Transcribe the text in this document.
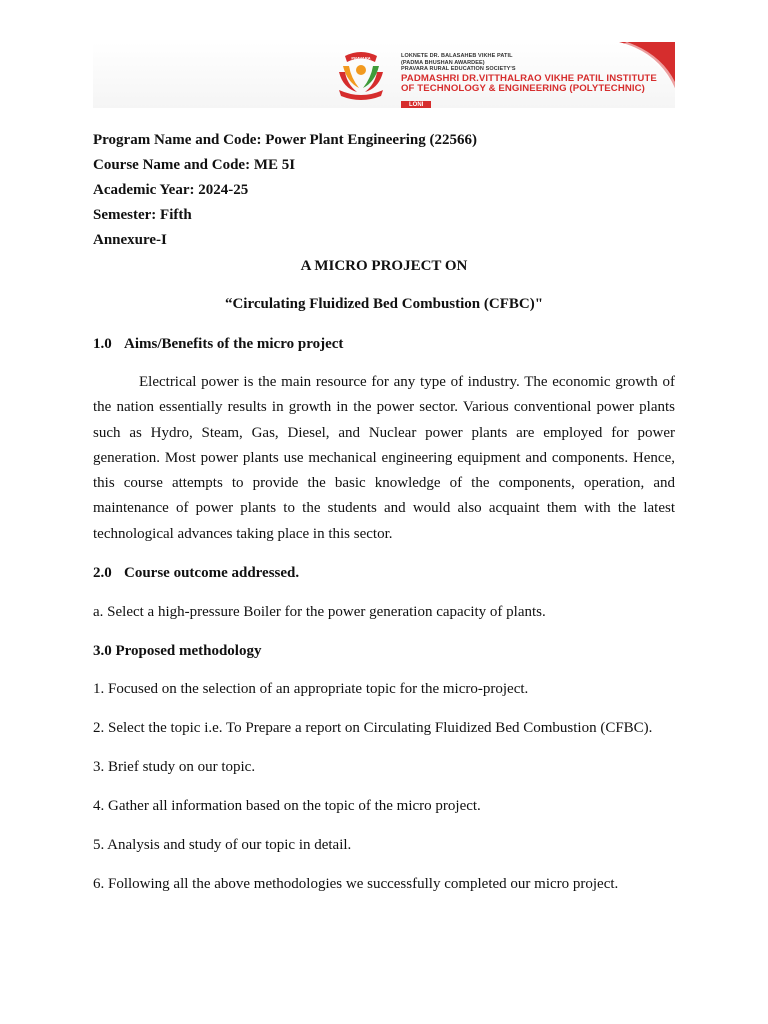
PRAVARA	LOKNETE DR. BALASAHEB VIKHE PATIL
(PADMA BHUSHAN AWARDEE)
PRAVARA RURAL EDUCATION SOCIETY'S
PADMASHRI DR.VITTHALRAO VIKHE PATIL INSTITUTE
OF TECHNOLOGY & ENGINEERING (POLYTECHNIC)
LONI
Program Name and Code: Power Plant Engineering (22566)
Course Name and Code: ME 5I
Academic Year: 2024-25
Semester: Fifth
Annexure-I
A MICRO PROJECT ON
“Circulating Fluidized Bed Combustion (CFBC)"
1.0 Aims/Benefits of the micro project

Electrical power is the main resource for any type of industry. The economic growth of the nation essentially results in growth in the power sector. Various conventional power plants such as Hydro, Steam, Gas, Diesel, and Nuclear power plants are employed for power generation. Most power plants use mechanical engineering equipment and components. Hence, this course attempts to provide the basic knowledge of the components, operation, and maintenance of power plants to the students and would also acquaint them with the latest technological advances taking place in this sector.

2.0 Course outcome addressed.
a. Select a high-pressure Boiler for the power generation capacity of plants.
3.0 Proposed methodology
1. Focused on the selection of an appropriate topic for the micro-project.
2. Select the topic i.e. To Prepare a report on Circulating Fluidized Bed Combustion (CFBC).
3. Brief study on our topic.
4. Gather all information based on the topic of the micro project.
5. Analysis and study of our topic in detail.
6. Following all the above methodologies we successfully completed our micro project.
